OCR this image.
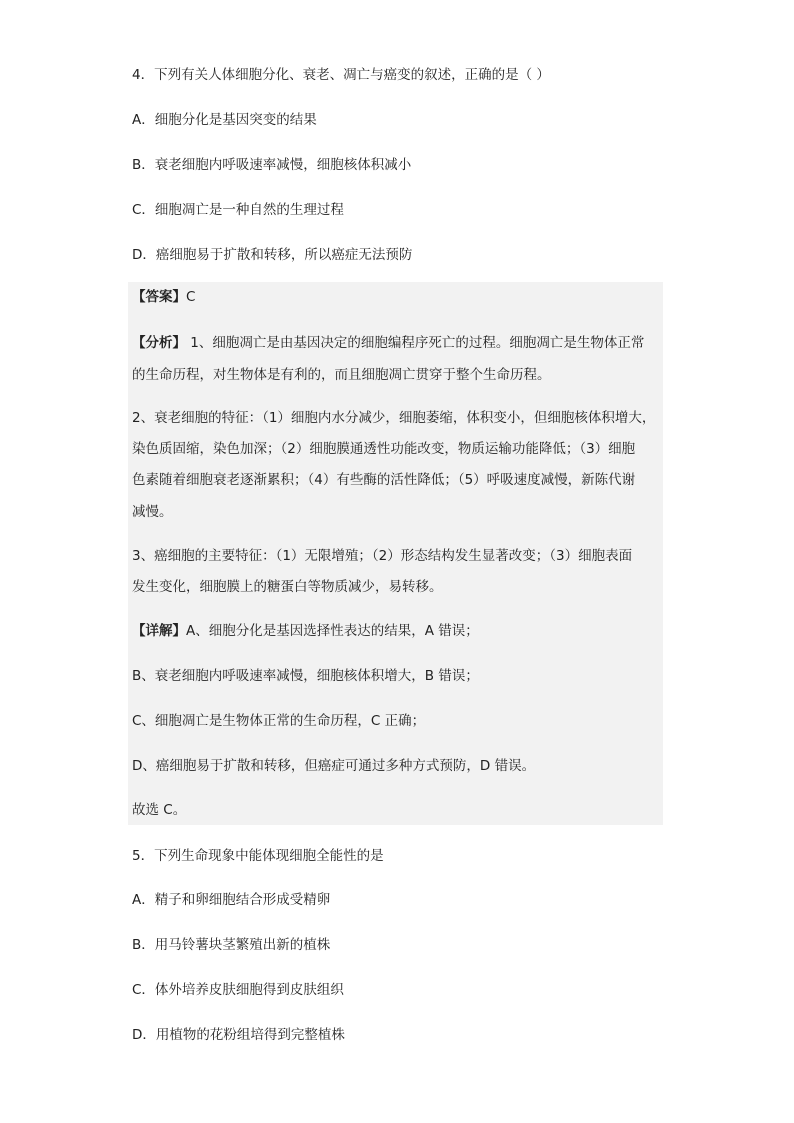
4．下列有关人体细胞分化、衰老、凋亡与癌变的叙述，正确的是（ ）
A．细胞分化是基因突变的结果
B．衰老细胞内呼吸速率减慢，细胞核体积减小
C．细胞凋亡是一种自然的生理过程
D．癌细胞易于扩散和转移，所以癌症无法预防
【答案】C
【分析】 1、细胞凋亡是由基因决定的细胞编程序死亡的过程。细胞凋亡是生物体正常
的生命历程，对生物体是有利的，而且细胞凋亡贯穿于整个生命历程。
2、衰老细胞的特征：（1）细胞内水分减少，细胞萎缩，体积变小，但细胞核体积增大，
染色质固缩，染色加深；（2）细胞膜通透性功能改变，物质运输功能降低；（3）细胞
色素随着细胞衰老逐渐累积；（4）有些酶的活性降低；（5）呼吸速度减慢，新陈代谢
减慢。
3、癌细胞的主要特征：（1）无限增殖；（2）形态结构发生显著改变；（3）细胞表面
发生变化，细胞膜上的糖蛋白等物质减少，易转移。
【详解】A、细胞分化是基因选择性表达的结果，A 错误；
B、衰老细胞内呼吸速率减慢，细胞核体积增大，B 错误；
C、细胞凋亡是生物体正常的生命历程，C 正确；
D、癌细胞易于扩散和转移，但癌症可通过多种方式预防，D 错误。
故选 C。
5．下列生命现象中能体现细胞全能性的是
A．精子和卵细胞结合形成受精卵
B．用马铃薯块茎繁殖出新的植株
C．体外培养皮肤细胞得到皮肤组织
D．用植物的花粉组培得到完整植株
